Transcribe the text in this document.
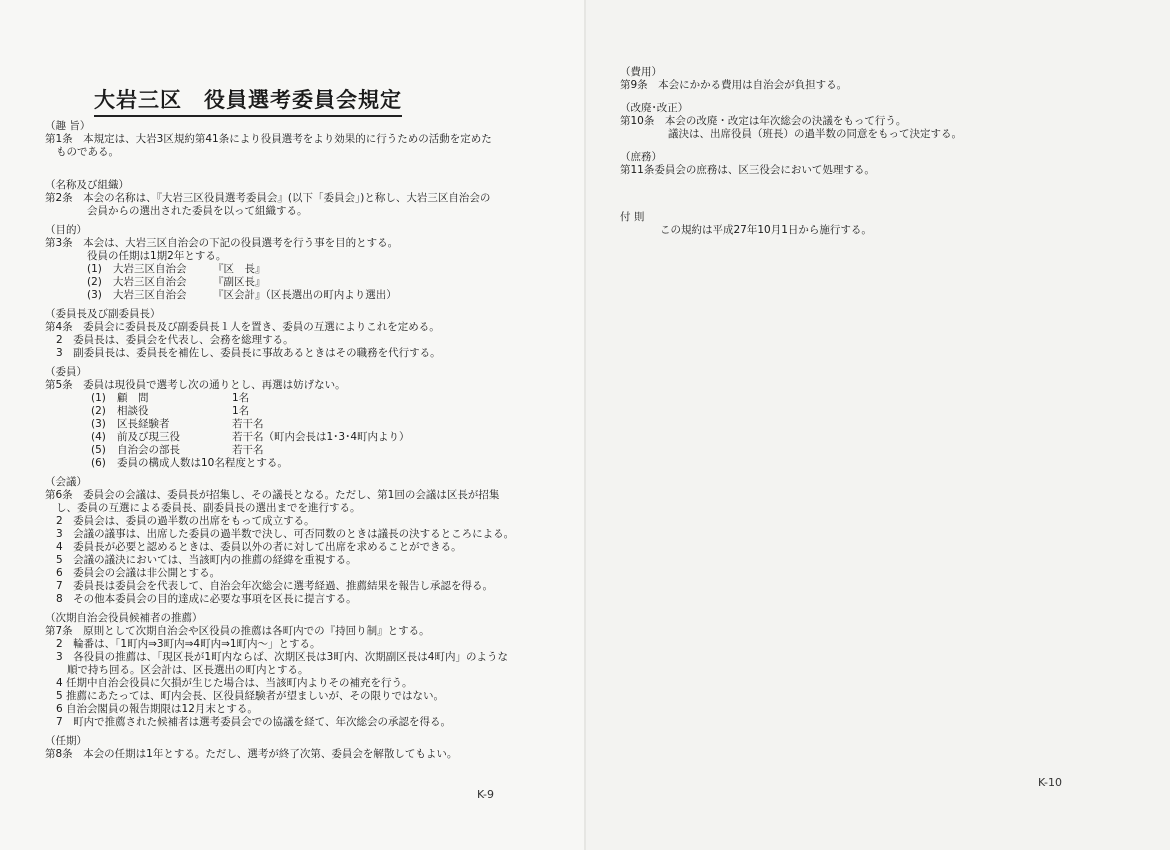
大岩三区　役員選考委員会規定
（趣 旨）
第1条　本規定は、大岩3区規約第41条により役員選考をより効果的に行うための活動を定めた
ものである。
（名称及び組織）
第2条　本会の名称は、『大岩三区役員選考委員会』(以下「委員会」)と称し、大岩三区自治会の
会員からの選出された委員を以って組織する。
（目的）
第3条　本会は、大岩三区自治会の下記の役員選考を行う事を目的とする。
役員の任期は1期2年とする。
(1) 大岩三区自治会	『区　長』
(2) 大岩三区自治会	『副区長』
(3) 大岩三区自治会	『区会計』（区長選出の町内より選出）
（委員長及び副委員長）
第4条　委員会に委員長及び副委員長１人を置き、委員の互選によりこれを定める。
2　委員長は、委員会を代表し、会務を総理する。
3　副委員長は、委員長を補佐し、委員長に事故あるときはその職務を代行する。
（委員）
第5条　委員は現役員で選考し次の通りとし、再選は妨げない。
(1) 顧　問	1名
(2) 相談役	1名
(3) 区長経験者	若干名
(4) 前及び現三役	若干名（町内会長は1･3･4町内より）
(5) 自治会の部長	若干名
(6) 委員の構成人数は10名程度とする。
（会議）
第6条　委員会の会議は、委員長が招集し、その議長となる。ただし、第1回の会議は区長が招集
し、委員の互選による委員長、副委員長の選出までを進行する。
2　委員会は、委員の過半数の出席をもって成立する。
3　会議の議事は、出席した委員の過半数で決し、可否同数のときは議長の決するところによる。
4　委員長が必要と認めるときは、委員以外の者に対して出席を求めることができる。
5　会議の議決においては、当該町内の推薦の経緯を重視する。
6　委員会の会議は非公開とする。
7　委員長は委員会を代表して、自治会年次総会に選考経過、推薦結果を報告し承認を得る。
8　その他本委員会の目的達成に必要な事項を区長に提言する。
（次期自治会役員候補者の推薦）
第7条　原則として次期自治会や区役員の推薦は各町内での『持回り制』とする。
2　輪番は、「1町内⇒3町内⇒4町内⇒1町内～」とする。
3　各役員の推薦は、「現区長が1町内ならば、次期区長は3町内、次期副区長は4町内」のような
順で持ち回る。区会計は、区長選出の町内とする。
4 任期中自治会役員に欠損が生じた場合は、当該町内よりその補充を行う。
5 推薦にあたっては、町内会長、区役員経験者が望ましいが、その限りではない。
6 自治会閣員の報告期限は12月末とする。
7　町内で推薦された候補者は選考委員会での協議を経て、年次総会の承認を得る。
（任期）
第8条　本会の任期は1年とする。ただし、選考が終了次第、委員会を解散してもよい。
K-9
（費用）
第9条　本会にかかる費用は自治会が負担する。
（改廃･改正）
第10条　本会の改廃・改定は年次総会の決議をもって行う。
議決は、出席役員（班長）の過半数の同意をもって決定する。
（庶務）
第11条委員会の庶務は、区三役会において処理する。
付 則
この規約は平成27年10月1日から施行する。
K-10
